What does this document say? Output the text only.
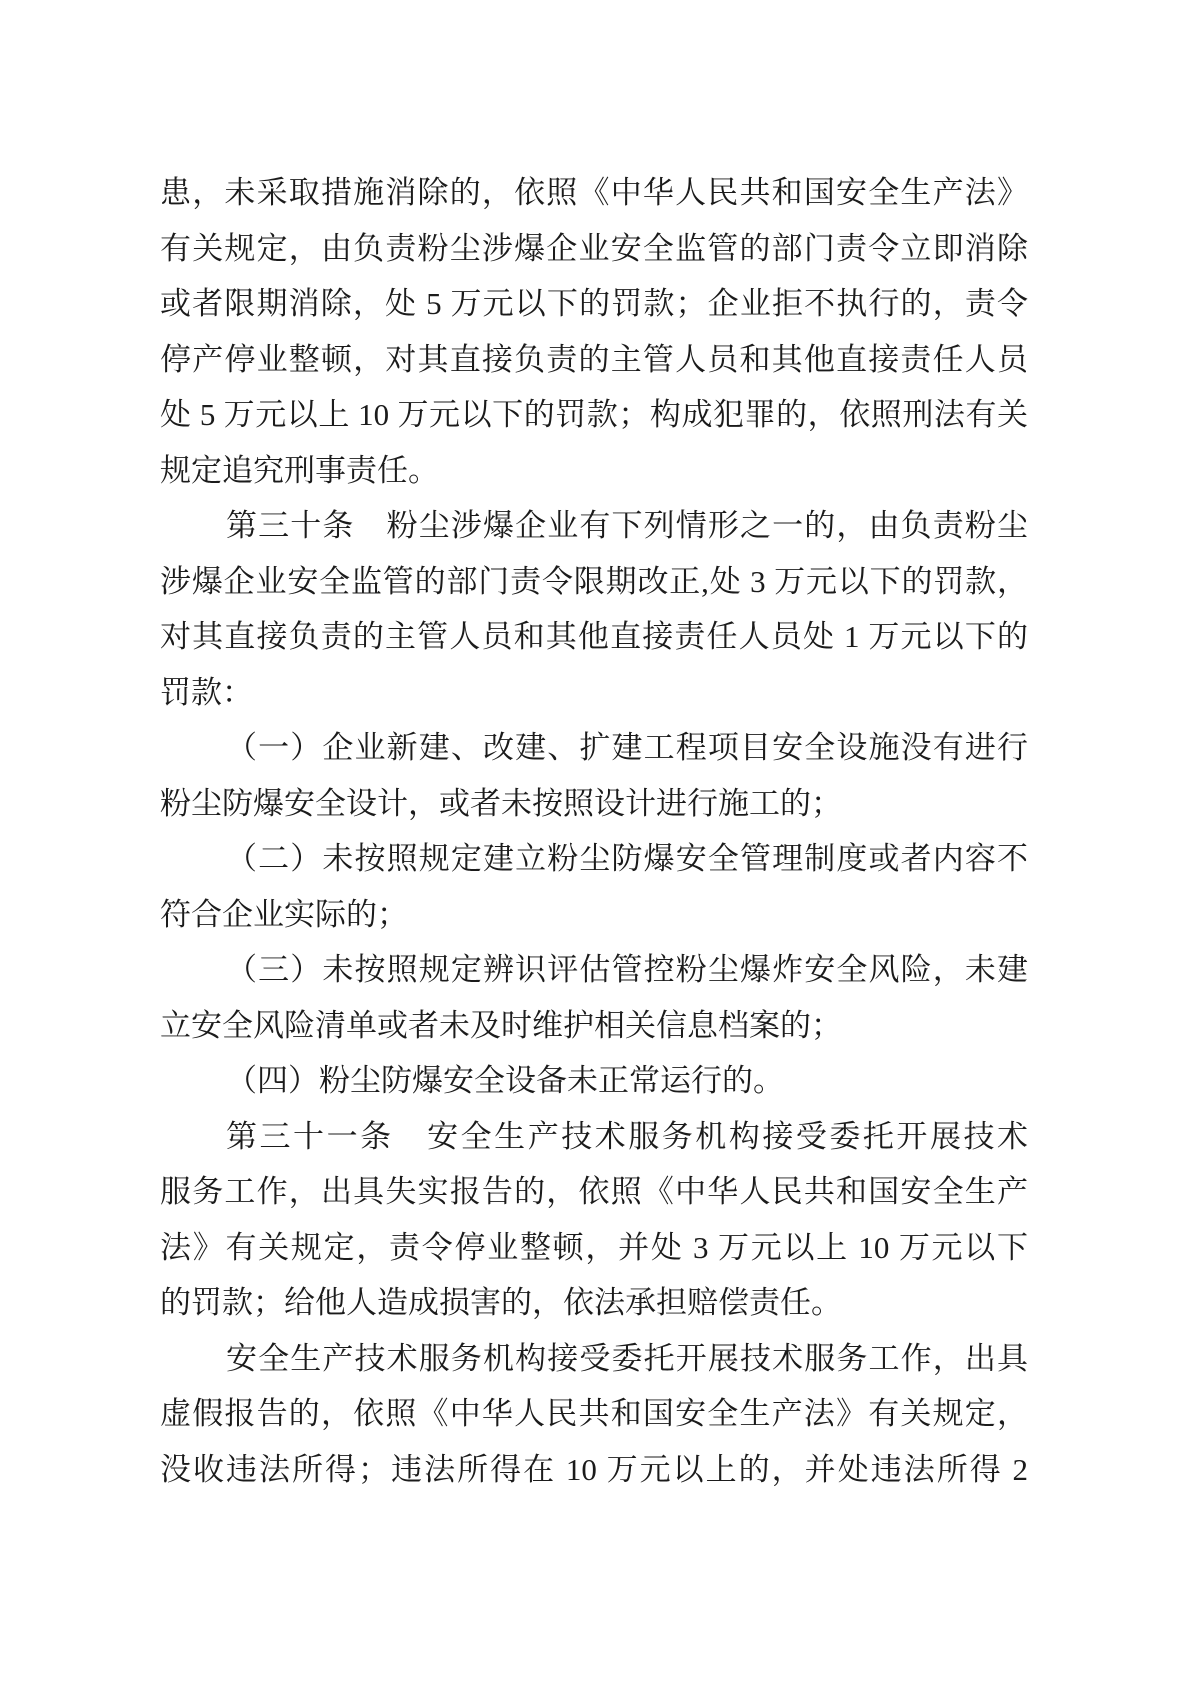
患，未采取措施消除的，依照《中华人民共和国安全生产法》
有关规定，由负责粉尘涉爆企业安全监管的部门责令立即消除
或者限期消除，处 5 万元以下的罚款；企业拒不执行的，责令
停产停业整顿，对其直接负责的主管人员和其他直接责任人员
处 5 万元以上 10 万元以下的罚款；构成犯罪的，依照刑法有关
规定追究刑事责任。
第三十条　粉尘涉爆企业有下列情形之一的，由负责粉尘
涉爆企业安全监管的部门责令限期改正,处 3 万元以下的罚款，
对其直接负责的主管人员和其他直接责任人员处 1 万元以下的
罚款：
（一）企业新建、改建、扩建工程项目安全设施没有进行
粉尘防爆安全设计，或者未按照设计进行施工的；
（二）未按照规定建立粉尘防爆安全管理制度或者内容不
符合企业实际的；
（三）未按照规定辨识评估管控粉尘爆炸安全风险，未建
立安全风险清单或者未及时维护相关信息档案的；
（四）粉尘防爆安全设备未正常运行的。
第三十一条　安全生产技术服务机构接受委托开展技术
服务工作，出具失实报告的，依照《中华人民共和国安全生产
法》有关规定，责令停业整顿，并处 3 万元以上 10 万元以下
的罚款；给他人造成损害的，依法承担赔偿责任。
安全生产技术服务机构接受委托开展技术服务工作，出具
虚假报告的，依照《中华人民共和国安全生产法》有关规定，
没收违法所得；违法所得在 10 万元以上的，并处违法所得 2
